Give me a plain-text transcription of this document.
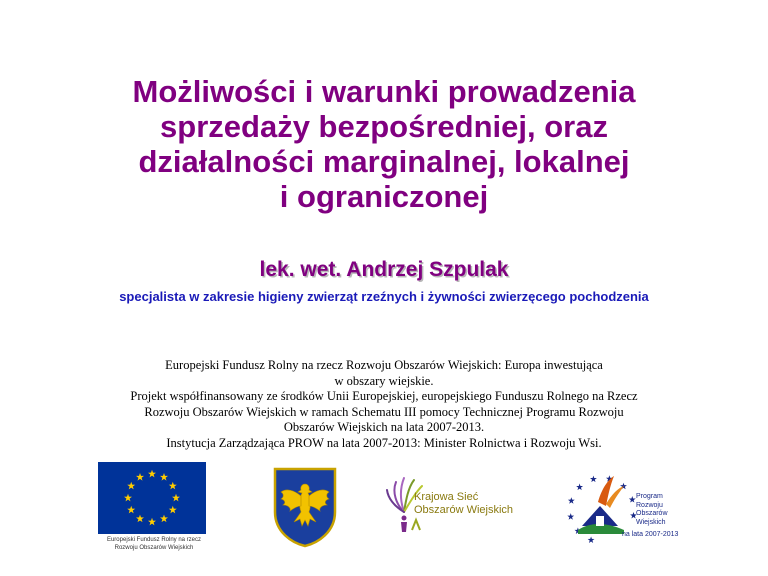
Możliwości i warunki prowadzenia
sprzedaży bezpośredniej, oraz
działalności marginalnej, lokalnej
i ograniczonej
lek. wet. Andrzej Szpulak
specjalista w zakresie higieny zwierząt rzeźnych i żywności zwierzęcego pochodzenia
Europejski Fundusz Rolny na rzecz Rozwoju Obszarów Wiejskich: Europa inwestująca
w obszary wiejskie.
Projekt współfinansowany ze środków Unii Europejskiej, europejskiego Funduszu Rolnego na Rzecz
Rozwoju Obszarów Wiejskich w ramach Schematu III pomocy Technicznej Programu Rozwoju
Obszarów Wiejskich na lata 2007-2013.
Instytucja Zarządzająca PROW na lata 2007-2013: Minister Rolnictwa i Rozwoju Wsi.
Europejski Fundusz Rolny na rzecz
Rozwoju Obszarów Wiejskich
Krajowa Sieć
Obszarów Wiejskich
Program
Rozwoju
Obszarów
Wiejskich
na lata 2007-2013
